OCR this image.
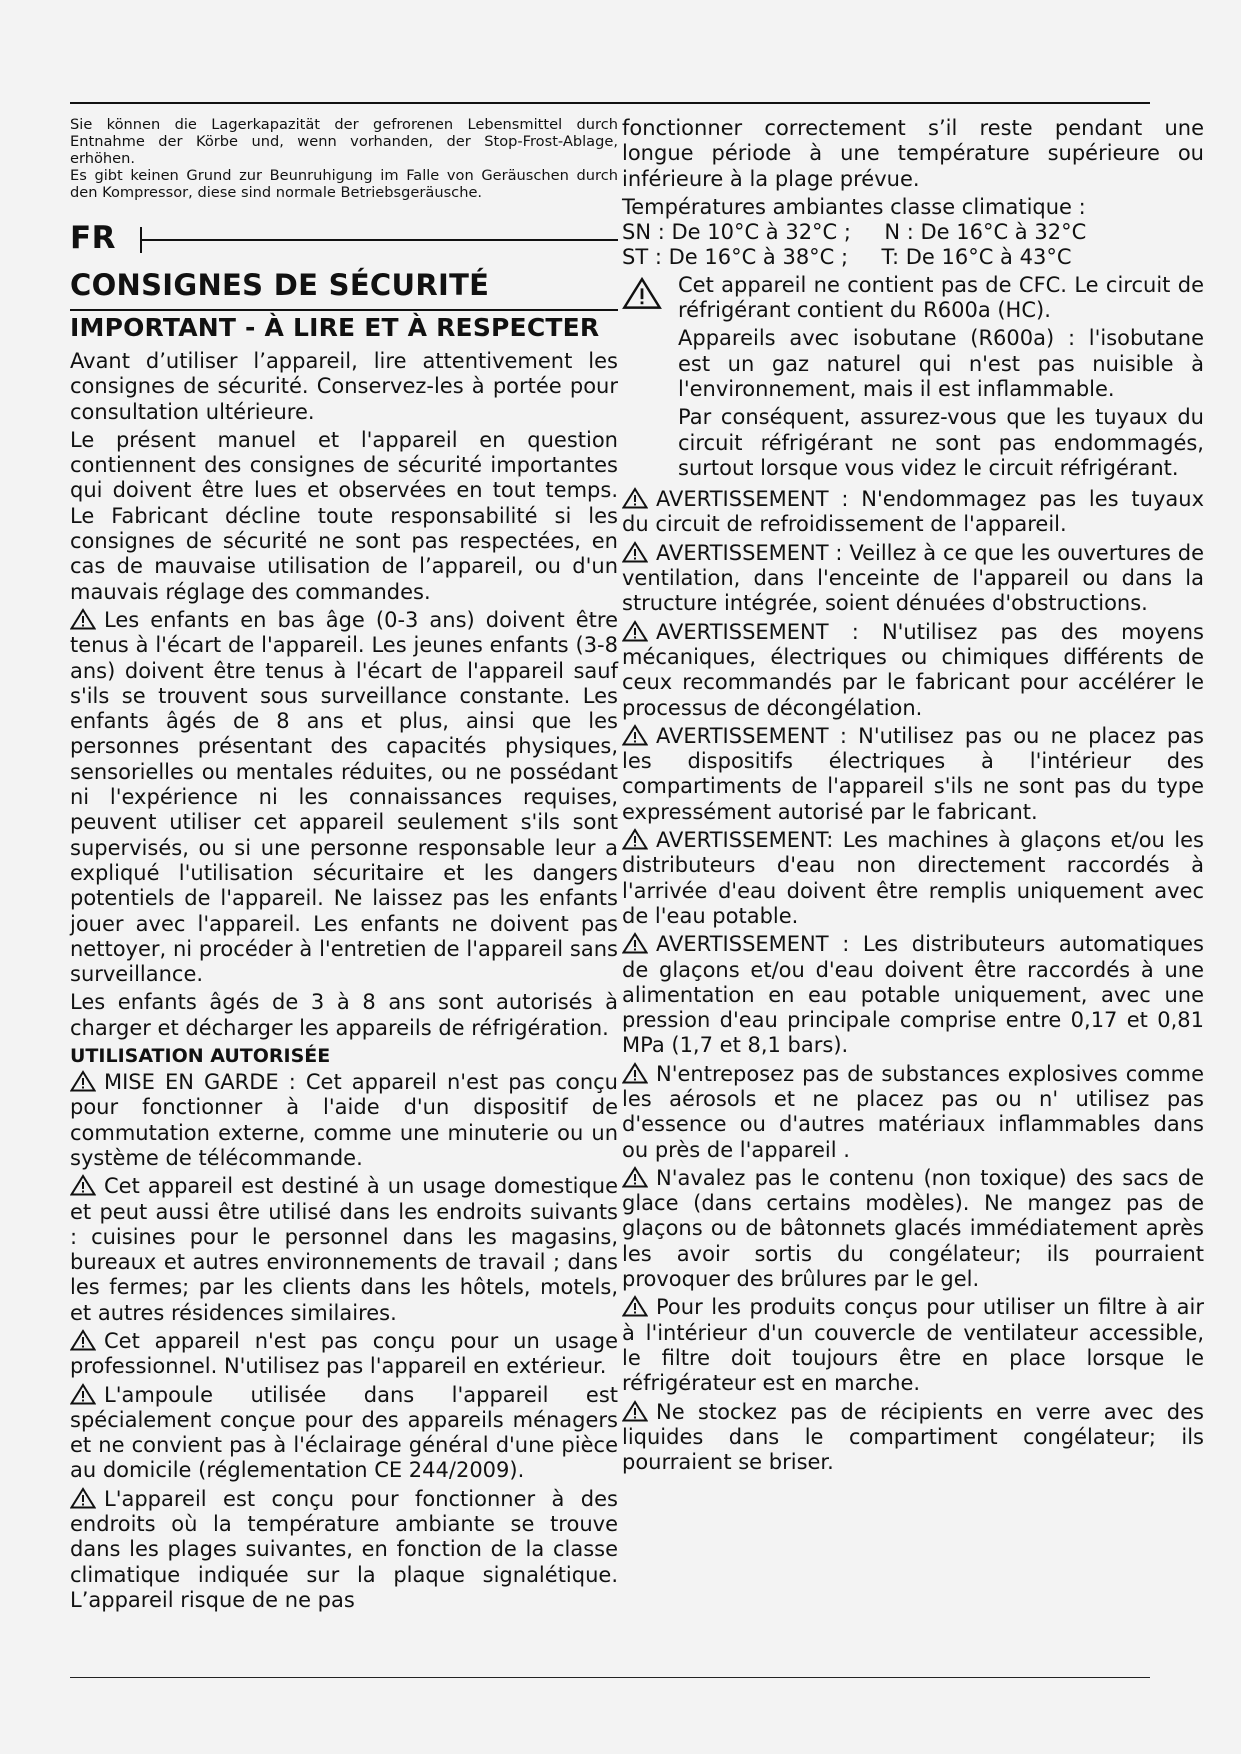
Sie können die Lagerkapazität der gefrorenen Lebensmittel durch Entnahme der Körbe und, wenn vorhanden, der Stop-Frost-Ablage, erhöhen.

Es gibt keinen Grund zur Beunruhigung im Falle von Geräuschen durch den Kompressor, diese sind normale Betriebsgeräusche.

FR
CONSIGNES DE SÉCURITÉ
IMPORTANT - À LIRE ET À RESPECTER

Avant d’utiliser l’appareil, lire attentivement les consignes de sécurité. Conservez-les à portée pour consultation ultérieure.

Le présent manuel et l'appareil en question contiennent des consignes de sécurité importantes qui doivent être lues et observées en tout temps. Le Fabricant décline toute responsabilité si les consignes de sécurité ne sont pas respectées, en cas de mauvaise utilisation de l’appareil, ou d'un mauvais réglage des commandes.

Les enfants en bas âge (0-3 ans) doivent être tenus à l'écart de l'appareil. Les jeunes enfants (3-8 ans) doivent être tenus à l'écart de l'appareil sauf s'ils se trouvent sous surveillance constante. Les enfants âgés de 8 ans et plus, ainsi que les personnes présentant des capacités physiques, sensorielles ou mentales réduites, ou ne possédant ni l'expérience ni les connaissances requises, peuvent utiliser cet appareil seulement s'ils sont supervisés, ou si une personne responsable leur a expliqué l'utilisation sécuritaire et les dangers potentiels de l'appareil. Ne laissez pas les enfants jouer avec l'appareil. Les enfants ne doivent pas nettoyer, ni procéder à l'entretien de l'appareil sans surveillance.

Les enfants âgés de 3 à 8 ans sont autorisés à charger et décharger les appareils de réfrigération.

UTILISATION AUTORISÉE

MISE EN GARDE : Cet appareil n'est pas conçu pour fonctionner à l'aide d'un dispositif de commutation externe, comme une minuterie ou un système de télécommande.

Cet appareil est destiné à un usage domestique et peut aussi être utilisé dans les endroits suivants : cuisines pour le personnel dans les magasins, bureaux et autres environnements de travail ; dans les fermes; par les clients dans les hôtels, motels, et autres résidences similaires.

Cet appareil n'est pas conçu pour un usage professionnel. N'utilisez pas l'appareil en extérieur.

L'ampoule utilisée dans l'appareil est spécialement conçue pour des appareils ménagers et ne convient pas à l'éclairage général d'une pièce au domicile (réglementation CE 244/2009).

L'appareil est conçu pour fonctionner à des endroits où la température ambiante se trouve dans les plages suivantes, en fonction de la classe climatique indiquée sur la plaque signalétique. L’appareil risque de ne pas

fonctionner correctement s’il reste pendant une longue période à une température supérieure ou inférieure à la plage prévue.

Températures ambiantes classe climatique :

SN : De 10°C à 32°C ;     N : De 16°C à 32°C

ST : De 16°C à 38°C ;     T: De 16°C à 43°C

Cet appareil ne contient pas de CFC. Le circuit de réfrigérant contient du R600a (HC).

Appareils avec isobutane (R600a) : l'isobutane est un gaz naturel qui n'est pas nuisible à l'environnement, mais il est inflammable.

Par conséquent, assurez-vous que les tuyaux du circuit réfrigérant ne sont pas endommagés, surtout lorsque vous videz le circuit réfrigérant.

AVERTISSEMENT : N'endommagez pas les tuyaux du circuit de refroidissement de l'appareil.

AVERTISSEMENT : Veillez à ce que les ouvertures de ventilation, dans l'enceinte de l'appareil ou dans la structure intégrée, soient dénuées d'obstructions.

AVERTISSEMENT : N'utilisez pas des moyens mécaniques, électriques ou chimiques différents de ceux recommandés par le fabricant pour accélérer le processus de décongélation.

AVERTISSEMENT : N'utilisez pas ou ne placez pas les dispositifs électriques à l'intérieur des compartiments de l'appareil s'ils ne sont pas du type expressément autorisé par le fabricant.

AVERTISSEMENT: Les machines à glaçons et/ou les distributeurs d'eau non directement raccordés à l'arrivée d'eau doivent être remplis uniquement avec de l'eau potable.

AVERTISSEMENT : Les distributeurs automatiques de glaçons et/ou d'eau doivent être raccordés à une alimentation en eau potable uniquement, avec une pression d'eau principale comprise entre 0,17 et 0,81 MPa (1,7 et 8,1 bars).

N'entreposez pas de substances explosives comme les aérosols et ne placez pas ou n' utilisez pas d'essence ou d'autres matériaux inflammables dans ou près de l'appareil .

N'avalez pas le contenu (non toxique) des sacs de glace (dans certains modèles). Ne mangez pas de glaçons ou de bâtonnets glacés immédiatement après les avoir sortis du congélateur; ils pourraient provoquer des brûlures par le gel.

Pour les produits conçus pour utiliser un filtre à air à l'intérieur d'un couvercle de ventilateur accessible, le filtre doit toujours être en place lorsque le réfrigérateur est en marche.

Ne stockez pas de récipients en verre avec des liquides dans le compartiment congélateur; ils pourraient se briser.
